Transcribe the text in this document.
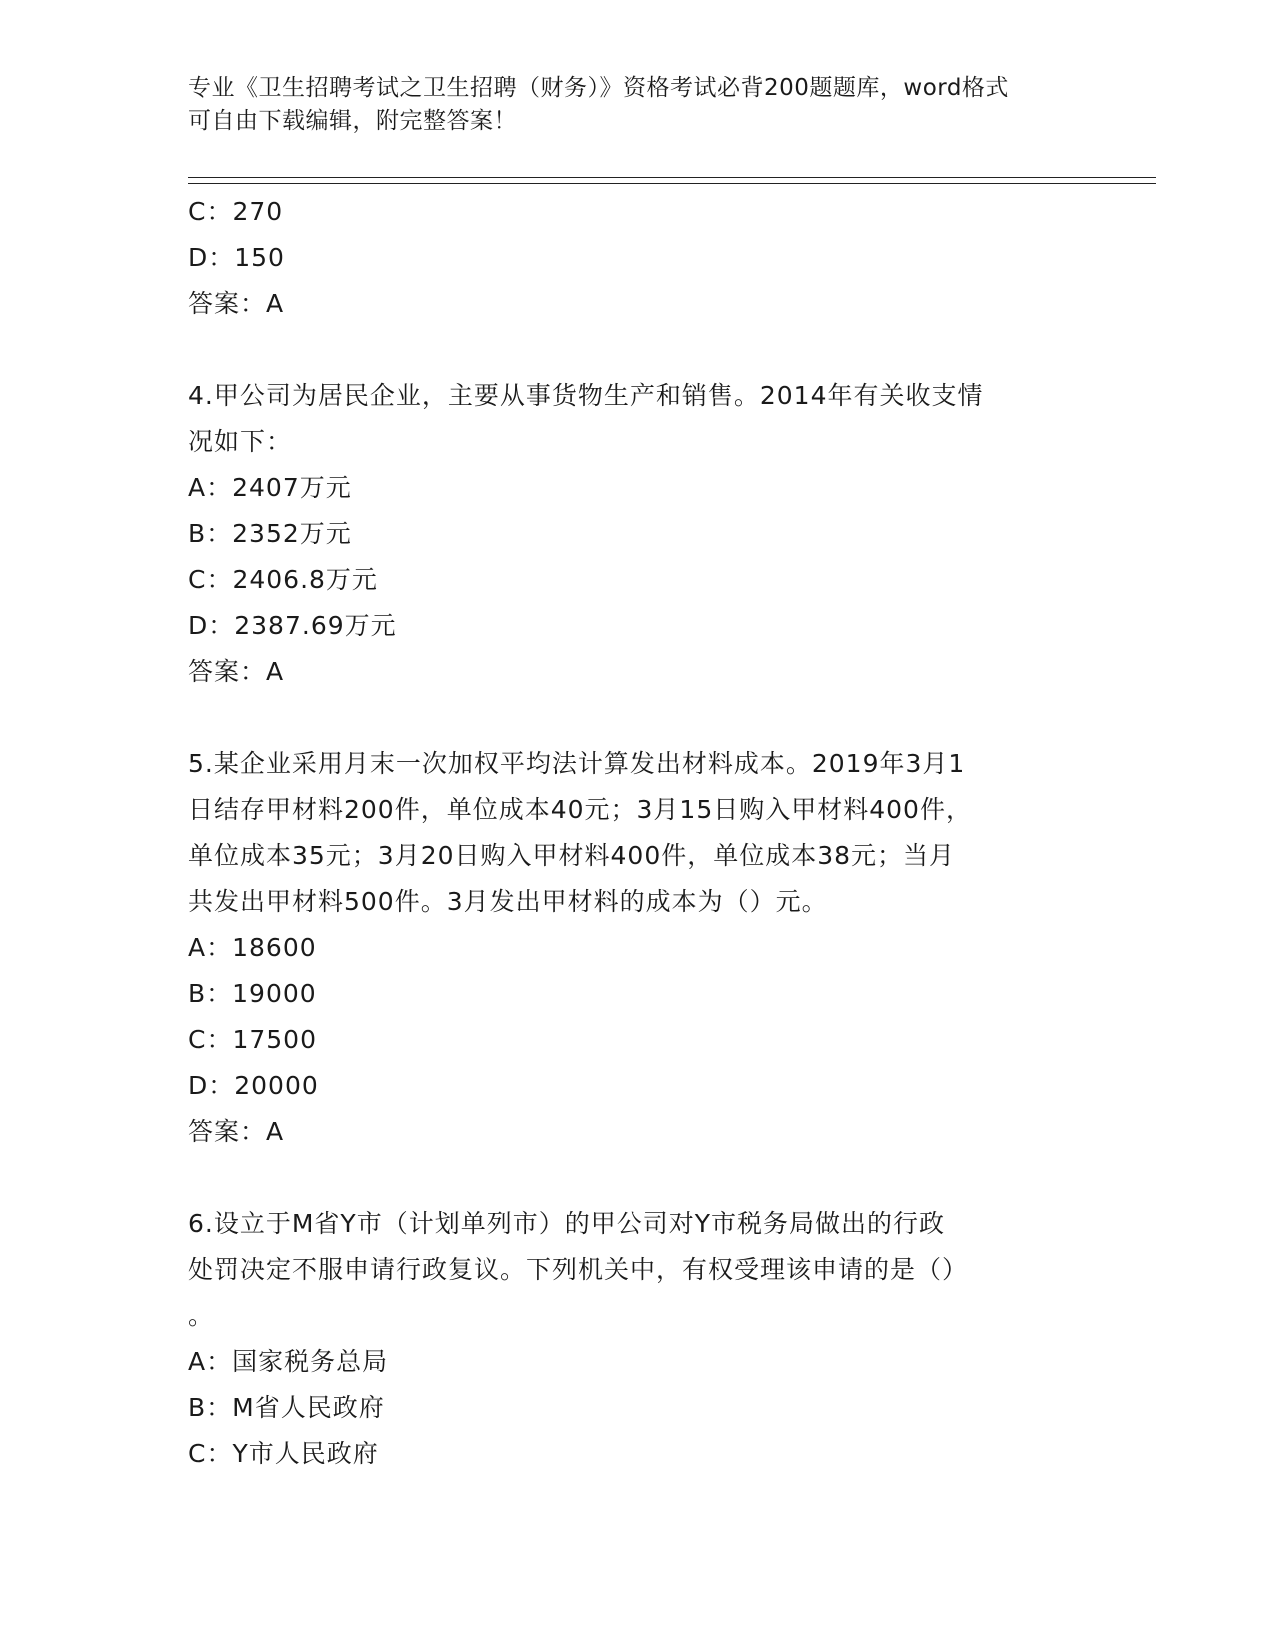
专业《卫生招聘考试之卫生招聘（财务）》资格考试必背200题题库，word格式
可自由下载编辑，附完整答案！

C：270

D：150

答案：A

4.甲公司为居民企业，主要从事货物生产和销售。2014年有关收支情

况如下：

A：2407万元

B：2352万元

C：2406.8万元

D：2387.69万元

答案：A

5.某企业采用月末一次加权平均法计算发出材料成本。2019年3月1

日结存甲材料200件，单位成本40元；3月15日购入甲材料400件，

单位成本35元；3月20日购入甲材料400件，单位成本38元；当月

共发出甲材料500件。3月发出甲材料的成本为（）元。

A：18600

B：19000

C：17500

D：20000

答案：A

6.设立于M省Y市（计划单列市）的甲公司对Y市税务局做出的行政

处罚决定不服申请行政复议。下列机关中，有权受理该申请的是（）

。

A：国家税务总局

B：M省人民政府

C：Y市人民政府
